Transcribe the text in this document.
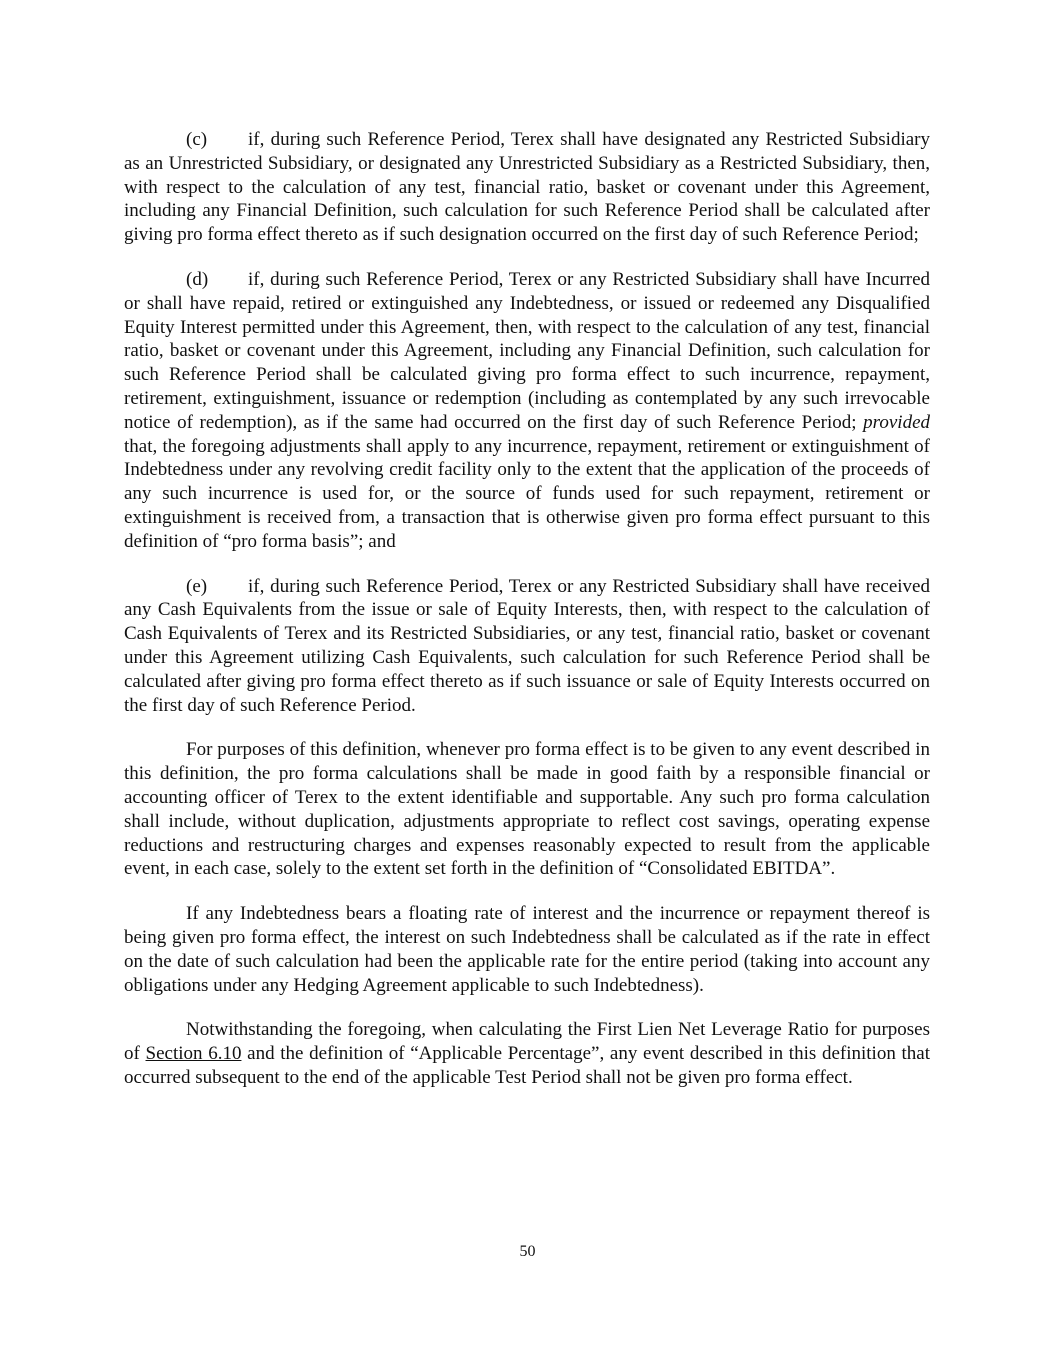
(c) if, during such Reference Period, Terex shall have designated any Restricted Subsidiary as an Unrestricted Subsidiary, or designated any Unrestricted Subsidiary as a Restricted Subsidiary, then, with respect to the calculation of any test, financial ratio, basket or covenant under this Agreement, including any Financial Definition, such calculation for such Reference Period shall be calculated after giving pro forma effect thereto as if such designation occurred on the first day of such Reference Period;

(d) if, during such Reference Period, Terex or any Restricted Subsidiary shall have Incurred or shall have repaid, retired or extinguished any Indebtedness, or issued or redeemed any Disqualified Equity Interest permitted under this Agreement, then, with respect to the calculation of any test, financial ratio, basket or covenant under this Agreement, including any Financial Definition, such calculation for such Reference Period shall be calculated giving pro forma effect to such incurrence, repayment, retirement, extinguishment, issuance or redemption (including as contemplated by any such irrevocable notice of redemption), as if the same had occurred on the first day of such Reference Period; provided that, the foregoing adjustments shall apply to any incurrence, repayment, retirement or extinguishment of Indebtedness under any revolving credit facility only to the extent that the application of the proceeds of any such incurrence is used for, or the source of funds used for such repayment, retirement or extinguishment is received from, a transaction that is otherwise given pro forma effect pursuant to this definition of “pro forma basis”; and

(e) if, during such Reference Period, Terex or any Restricted Subsidiary shall have received any Cash Equivalents from the issue or sale of Equity Interests, then, with respect to the calculation of Cash Equivalents of Terex and its Restricted Subsidiaries, or any test, financial ratio, basket or covenant under this Agreement utilizing Cash Equivalents, such calculation for such Reference Period shall be calculated after giving pro forma effect thereto as if such issuance or sale of Equity Interests occurred on the first day of such Reference Period.

For purposes of this definition, whenever pro forma effect is to be given to any event described in this definition, the pro forma calculations shall be made in good faith by a responsible financial or accounting officer of Terex to the extent identifiable and supportable. Any such pro forma calculation shall include, without duplication, adjustments appropriate to reflect cost savings, operating expense reductions and restructuring charges and expenses reasonably expected to result from the applicable event, in each case, solely to the extent set forth in the definition of “Consolidated EBITDA”.

If any Indebtedness bears a floating rate of interest and the incurrence or repayment thereof is being given pro forma effect, the interest on such Indebtedness shall be calculated as if the rate in effect on the date of such calculation had been the applicable rate for the entire period (taking into account any obligations under any Hedging Agreement applicable to such Indebtedness).

Notwithstanding the foregoing, when calculating the First Lien Net Leverage Ratio for purposes of Section 6.10 and the definition of “Applicable Percentage”, any event described in this definition that occurred subsequent to the end of the applicable Test Period shall not be given pro forma effect.

50
